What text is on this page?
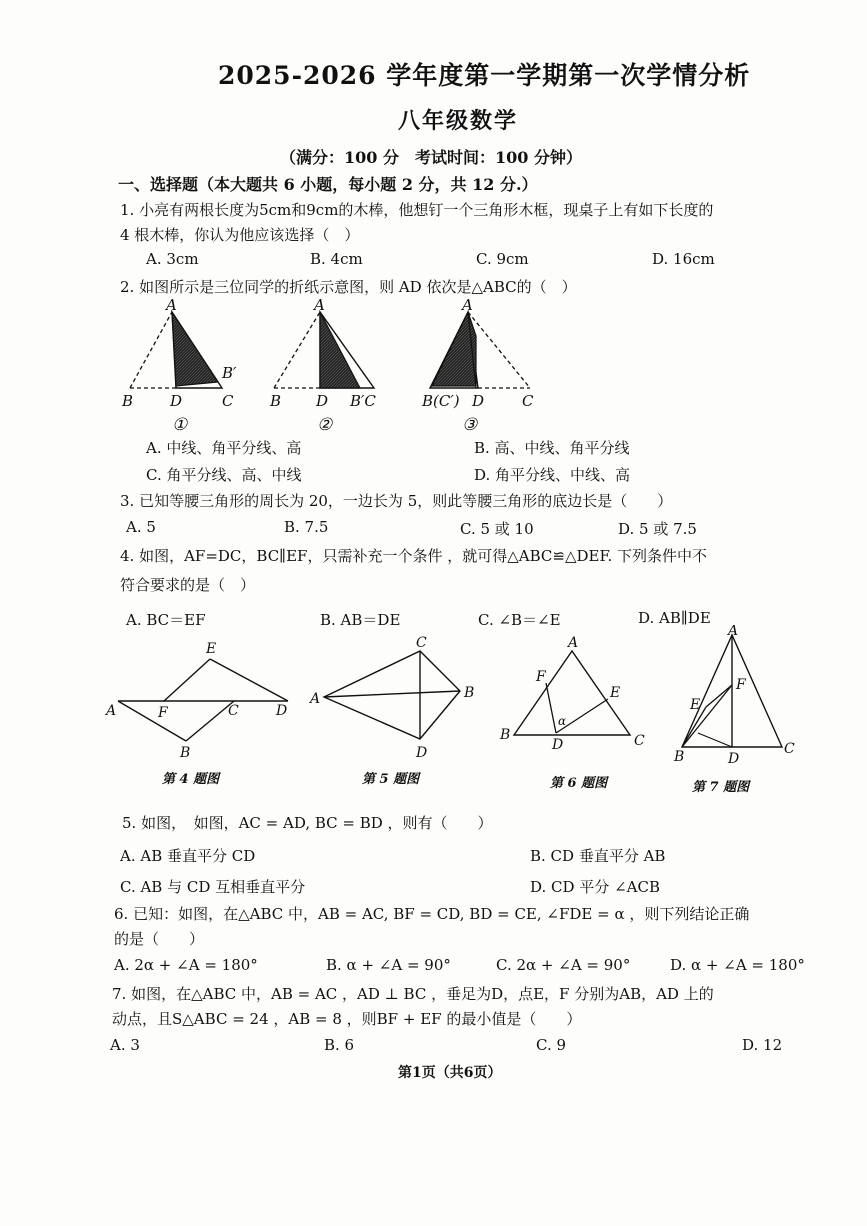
2025-2026 学年度第一学期第一次学情分析
八年级数学
（满分：100 分　考试时间：100 分钟）
一、选择题（本大题共 6 小题，每小题 2 分，共 12 分.）
1. 小亮有两根长度为5cm和9cm的木棒，他想钉一个三角形木框，现桌子上有如下长度的
4 根木棒，你认为他应该选择（　）
A. 3cm	B. 4cm	C. 9cm	D. 16cm
2. 如图所示是三位同学的折纸示意图，则 AD 依次是△ABC的（　）
A
B′
B D	C
①
A
B D B′C
②
A
B(C′) D	C
③
A. 中线、角平分线、高	B. 高、中线、角平分线
C. 角平分线、高、中线	D. 角平分线、中线、高
3. 已知等腰三角形的周长为 20，一边长为 5，则此等腰三角形的底边长是（　　）
A. 5	B. 7.5	C. 5 或 10	D. 5 或 7.5
4. 如图，AF=DC，BC∥EF，只需补充一个条件 ，就可得△ABC≌△DEF. 下列条件中不
符合要求的是（　）
A. BC＝EF	B. AB＝DE	C. ∠B＝∠E	D. AB∥DE
E
A	F	C	D
B
C
A	B
D
A
F
E
α
B
D	C
A
F
E
B	D
C
第 4 题图	第 5 题图	第 6 题图	第 7 题图
5. 如图，　如图，AC = AD, BC = BD ，则有（　　）
A. AB 垂直平分 CD	B. CD 垂直平分 AB
C. AB 与 CD 互相垂直平分	D. CD 平分 ∠ACB
6. 已知：如图，在△ABC 中，AB = AC, BF = CD, BD = CE, ∠FDE = α ，则下列结论正确
的是（　　）
A. 2α + ∠A = 180°	B. α + ∠A = 90°	C. 2α + ∠A = 90°	D. α + ∠A = 180°
7. 如图，在△ABC 中，AB = AC ，AD ⊥ BC ，垂足为D，点E，F 分别为AB，AD 上的
动点，且S△ABC = 24 ，AB = 8 ，则BF + EF 的最小值是（　　）
A. 3	B. 6	C. 9	D. 12
第1页（共6页）
